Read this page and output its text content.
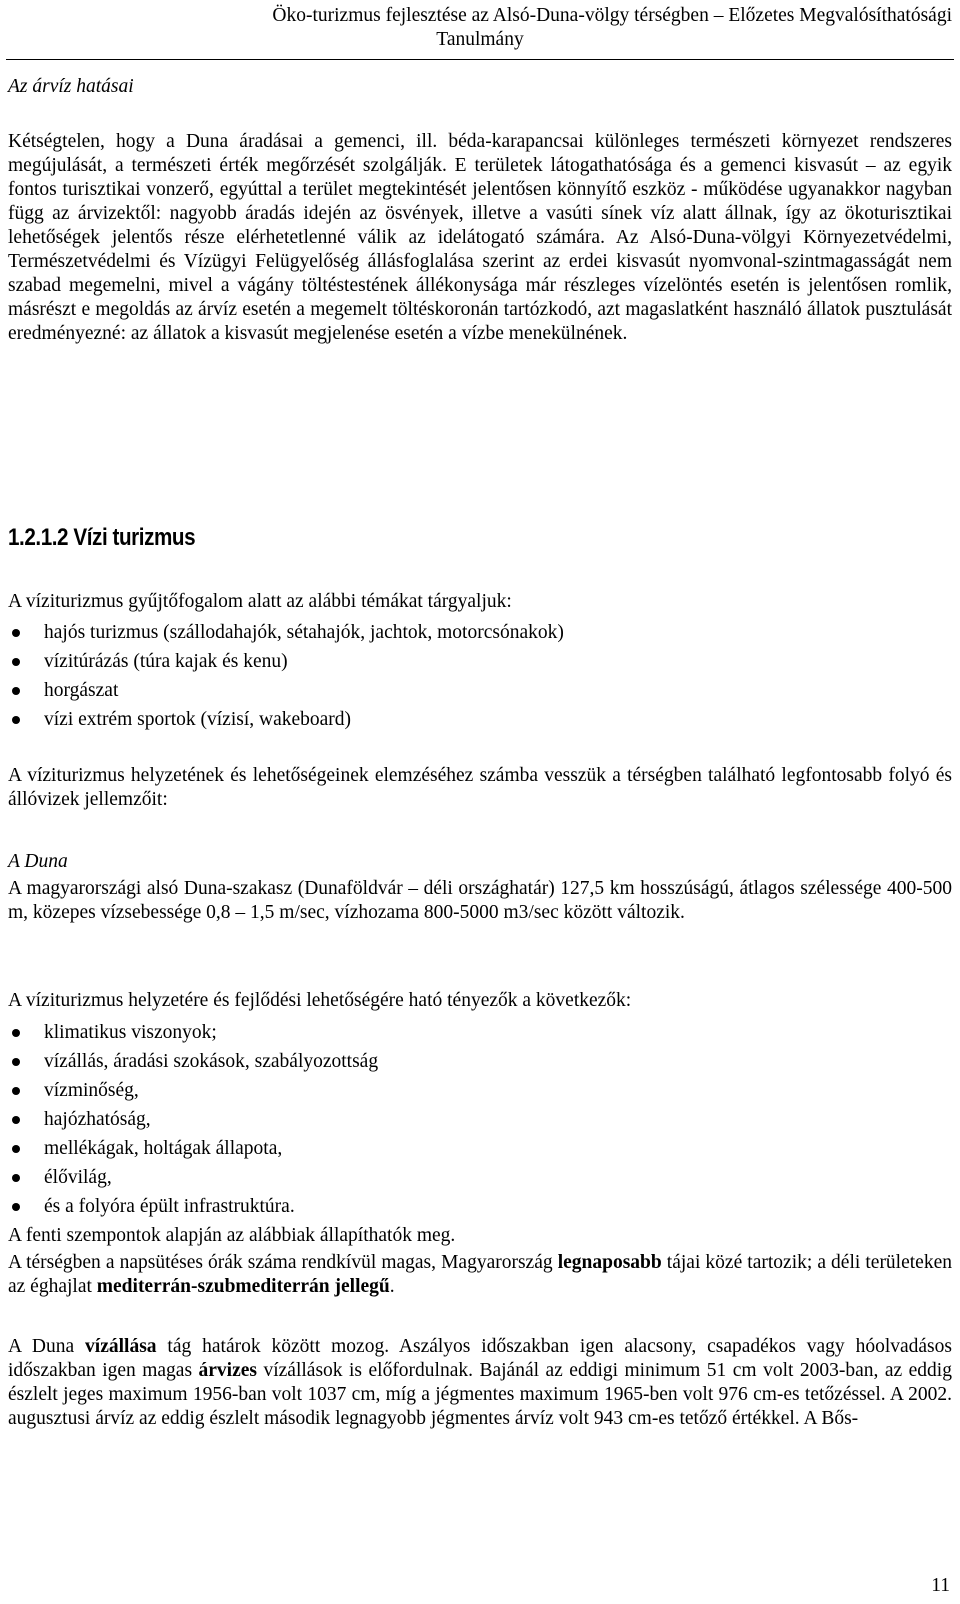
Öko-turizmus fejlesztése az Alsó-Duna-völgy térségben – Előzetes Megvalósíthatósági
Tanulmány
Az árvíz hatásai

Kétségtelen, hogy a Duna áradásai a gemenci, ill. béda-karapancsai különleges természeti környezet rendszeres megújulását, a természeti érték megőrzését szolgálják. E területek látogathatósága és a gemenci kisvasút – az egyik fontos turisztikai vonzerő, egyúttal a terület megtekintését jelentősen könnyítő eszköz - működése ugyanakkor nagyban függ az árvizektől: nagyobb áradás idején az ösvények, illetve a vasúti sínek víz alatt állnak, így az ökoturisztikai lehetőségek jelentős része elérhetetlenné válik az idelátogató számára. Az Alsó-Duna-völgyi Környezetvédelmi, Természetvédelmi és Vízügyi Felügyelőség állásfoglalása szerint az erdei kisvasút nyomvonal-szintmagasságát nem szabad megemelni, mivel a vágány töltéstestének állékonysága már részleges vízelöntés esetén is jelentősen romlik, másrészt e megoldás az árvíz esetén a megemelt töltéskoronán tartózkodó, azt magaslatként használó állatok pusztulását eredményezné: az állatok a kisvasút megjelenése esetén a vízbe menekülnének.

1.2.1.2 Vízi turizmus
A víziturizmus gyűjtőfogalom alatt az alábbi témákat tárgyaljuk:
hajós turizmus (szállodahajók, sétahajók, jachtok, motorcsónakok)
vízitúrázás (túra kajak és kenu)
horgászat
vízi extrém sportok (vízisí, wakeboard)

A víziturizmus helyzetének és lehetőségeinek elemzéséhez számba vesszük a térségben található legfontosabb folyó és állóvizek jellemzőit:

A Duna

A magyarországi alsó Duna-szakasz (Dunaföldvár – déli országhatár) 127,5 km hosszúságú, átlagos szélessége 400-500 m, közepes vízsebessége 0,8 – 1,5 m/sec, vízhozama 800-5000 m3/sec között változik.

A víziturizmus helyzetére és fejlődési lehetőségére ható tényezők a következők:
klimatikus viszonyok;
vízállás, áradási szokások, szabályozottság
vízminőség,
hajózhatóság,
mellékágak, holtágak állapota,
élővilág,
és a folyóra épült infrastruktúra.
A fenti szempontok alapján az alábbiak állapíthatók meg.

A térségben a napsütéses órák száma rendkívül magas, Magyarország legnaposabb tájai közé tartozik; a déli területeken az éghajlat mediterrán-szubmediterrán jellegű.

A Duna vízállása tág határok között mozog. Aszályos időszakban igen alacsony, csapadékos vagy hóolvadásos időszakban igen magas árvizes vízállások is előfordulnak. Bajánál az eddigi minimum 51 cm volt 2003-ban, az eddig észlelt jeges maximum 1956-ban volt 1037 cm, míg a jégmentes maximum 1965-ben volt 976 cm-es tetőzéssel. A 2002. augusztusi árvíz az eddig észlelt második legnagyobb jégmentes árvíz volt 943 cm-es tetőző értékkel. A Bős-

11
